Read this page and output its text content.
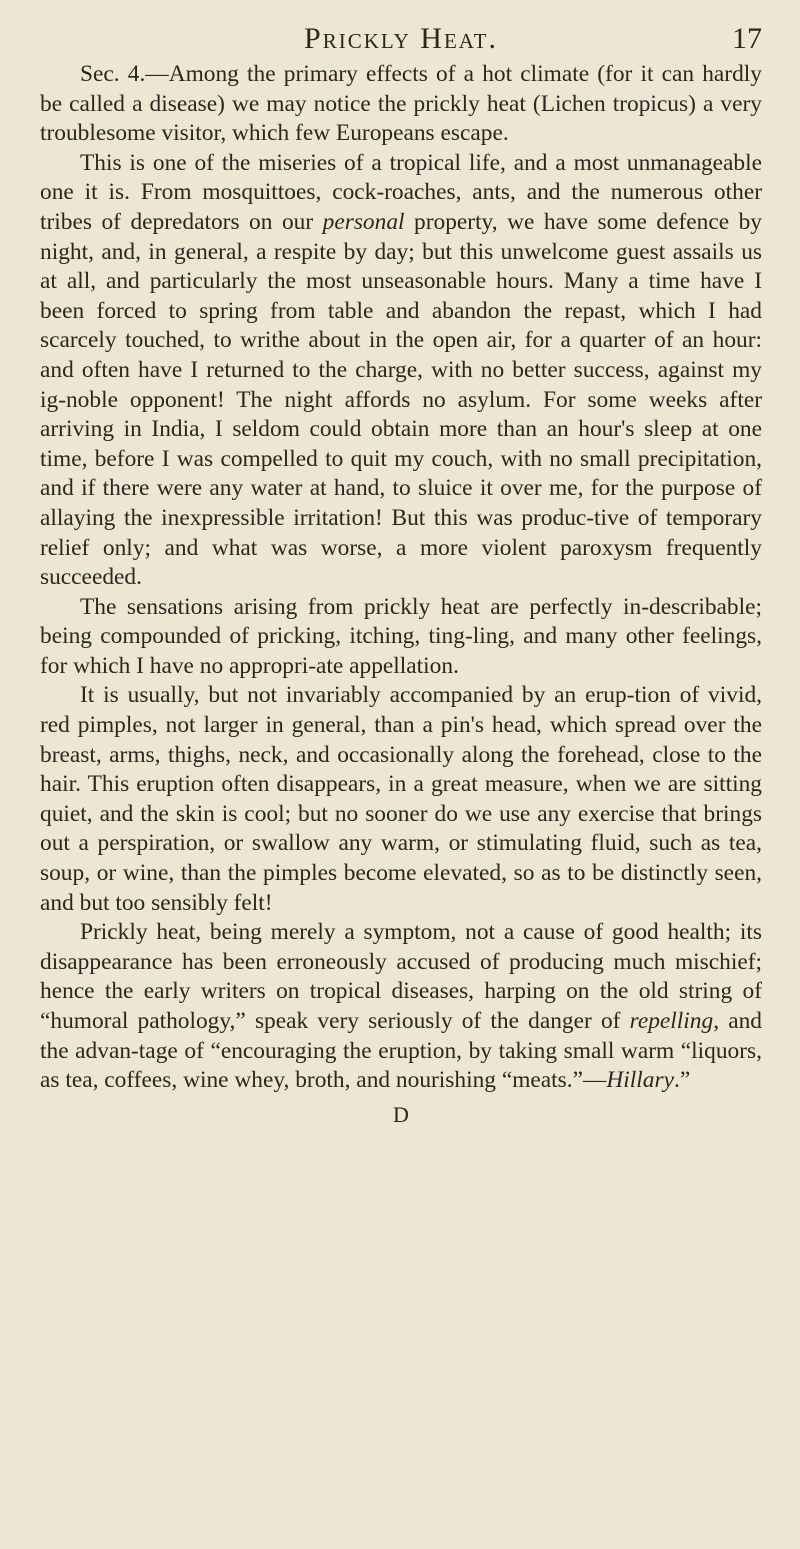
Prickly Heat.	17

Sec. 4.—Among the primary effects of a hot climate (for it can hardly be called a disease) we may notice the prickly heat (Lichen tropicus) a very troublesome visitor, which few Europeans escape.

This is one of the miseries of a tropical life, and a most unmanageable one it is. From mosquittoes, cock-roaches, ants, and the numerous other tribes of depredators on our personal property, we have some defence by night, and, in general, a respite by day; but this unwelcome guest assails us at all, and particularly the most unseasonable hours. Many a time have I been forced to spring from table and abandon the repast, which I had scarcely touched, to writhe about in the open air, for a quarter of an hour: and often have I returned to the charge, with no better success, against my ig-noble opponent! The night affords no asylum. For some weeks after arriving in India, I seldom could obtain more than an hour's sleep at one time, before I was compelled to quit my couch, with no small precipitation, and if there were any water at hand, to sluice it over me, for the purpose of allaying the inexpressible irritation! But this was produc-tive of temporary relief only; and what was worse, a more violent paroxysm frequently succeeded.

The sensations arising from prickly heat are perfectly in-describable; being compounded of pricking, itching, ting-ling, and many other feelings, for which I have no appropri-ate appellation.

It is usually, but not invariably accompanied by an erup-tion of vivid, red pimples, not larger in general, than a pin's head, which spread over the breast, arms, thighs, neck, and occasionally along the forehead, close to the hair. This eruption often disappears, in a great measure, when we are sitting quiet, and the skin is cool; but no sooner do we use any exercise that brings out a perspiration, or swallow any warm, or stimulating fluid, such as tea, soup, or wine, than the pimples become elevated, so as to be distinctly seen, and but too sensibly felt!

Prickly heat, being merely a symptom, not a cause of good health; its disappearance has been erroneously accused of producing much mischief; hence the early writers on tropical diseases, harping on the old string of “humoral pathology,” speak very seriously of the danger of repelling, and the advan-tage of “encouraging the eruption, by taking small warm “liquors, as tea, coffees, wine whey, broth, and nourishing “meats.”—Hillary.”

D
